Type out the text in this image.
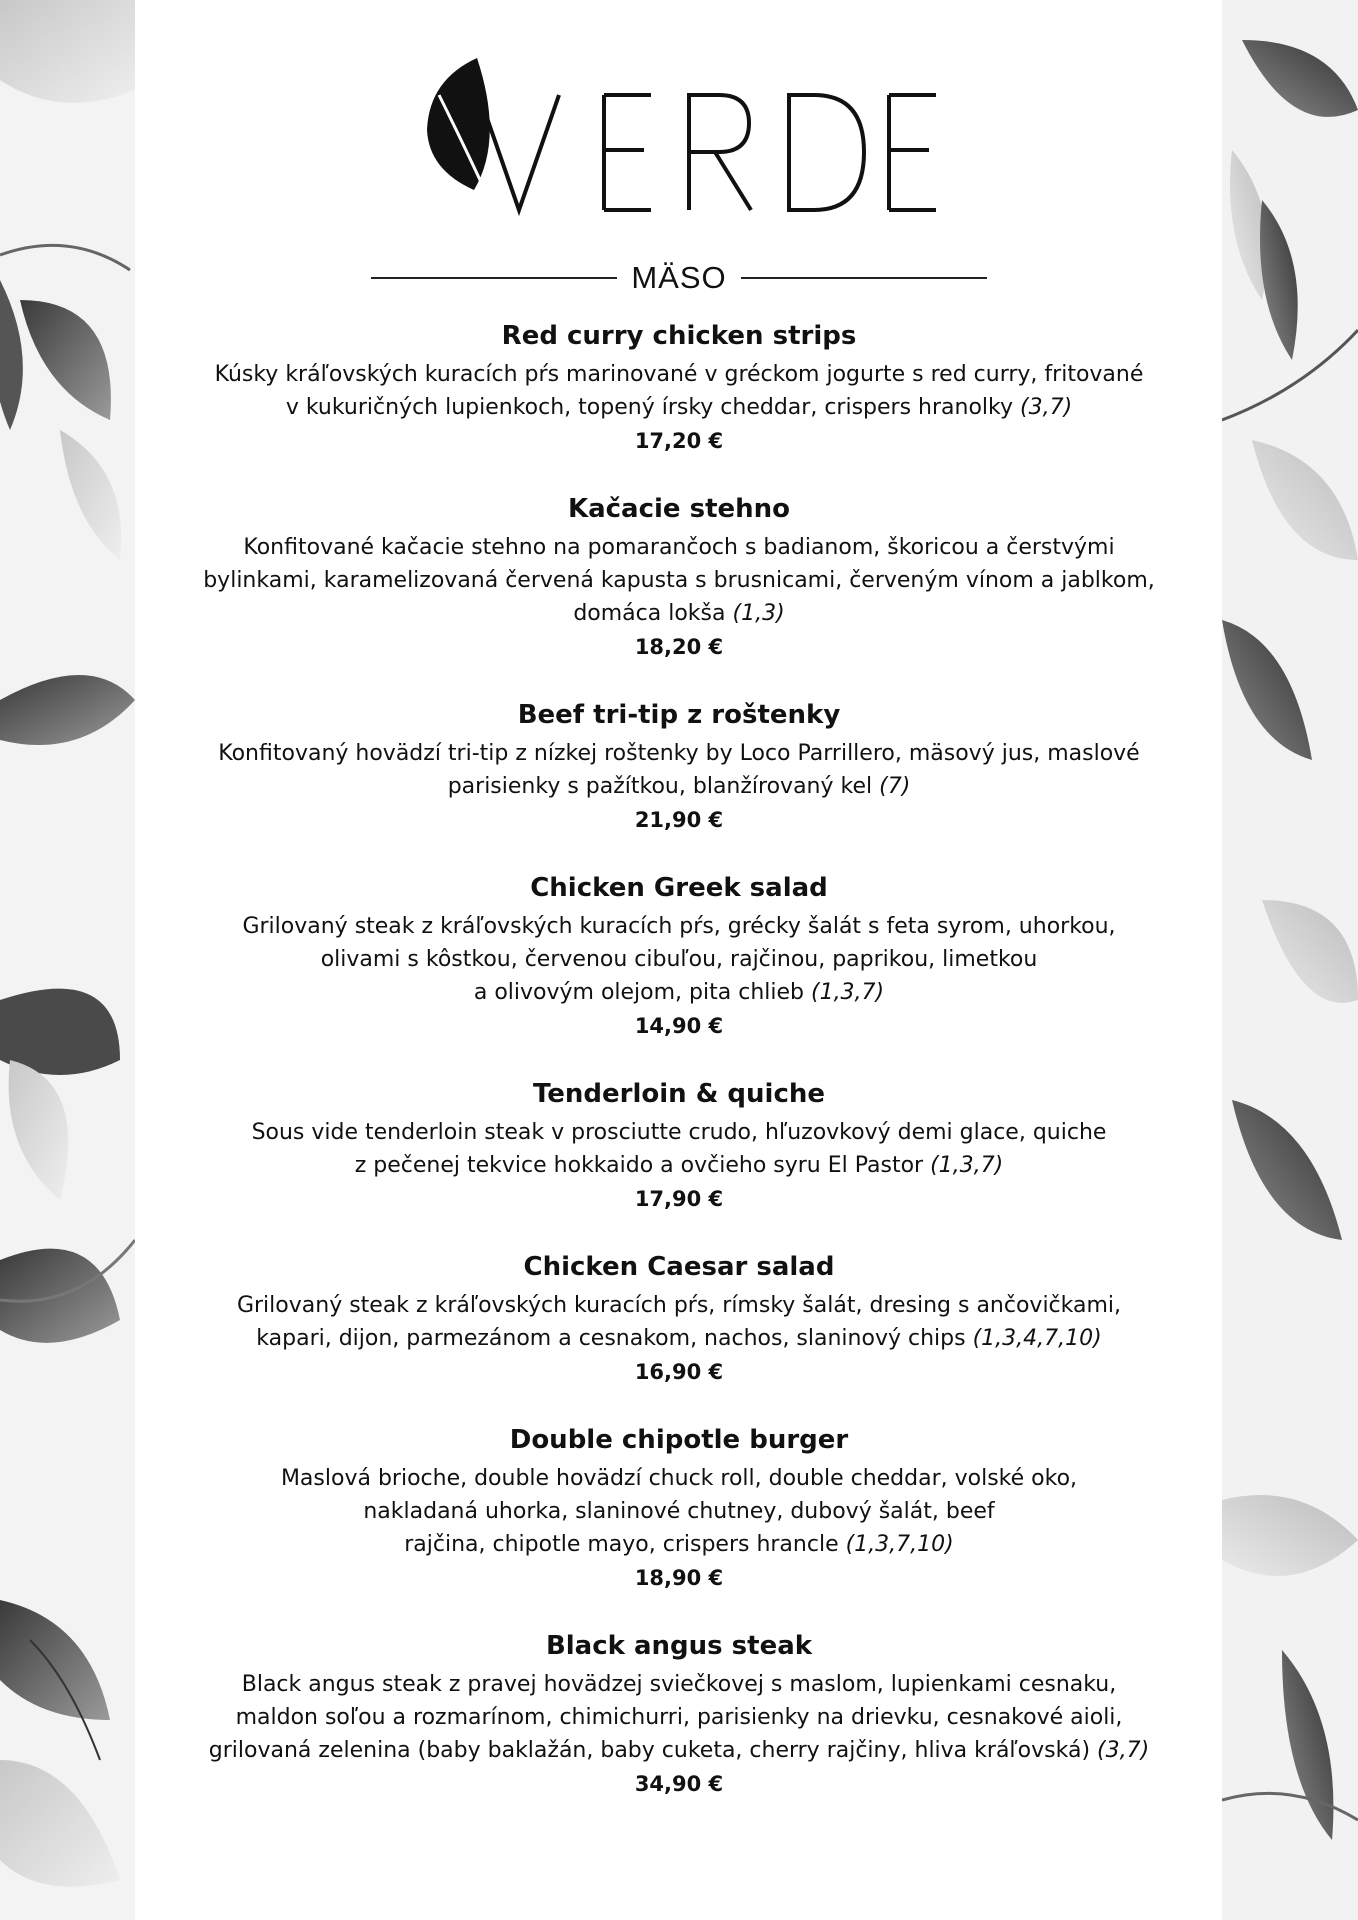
MÄSO
Red curry chicken strips
Kúsky kráľovských kuracích pŕs marinované v gréckom jogurte s red curry, fritované
v kukuričných lupienkoch, topený írsky cheddar, crispers hranolky (3,7)
17,20 €
Kačacie stehno
Konfitované kačacie stehno na pomarančoch s badianom, škoricou a čerstvými
bylinkami, karamelizovaná červená kapusta s brusnicami, červeným vínom a jablkom,
domáca lokša (1,3)
18,20 €
Beef tri-tip z roštenky
Konfitovaný hovädzí tri-tip z nízkej roštenky by Loco Parrillero, mäsový jus, maslové
parisienky s pažítkou, blanžírovaný kel (7)
21,90 €
Chicken Greek salad
Grilovaný steak z kráľovských kuracích pŕs, grécky šalát s feta syrom, uhorkou,
olivami s kôstkou, červenou cibuľou, rajčinou, paprikou, limetkou
a olivovým olejom, pita chlieb (1,3,7)
14,90 €
Tenderloin & quiche
Sous vide tenderloin steak v prosciutte crudo, hľuzovkový demi glace, quiche
z pečenej tekvice hokkaido a ovčieho syru El Pastor (1,3,7)
17,90 €
Chicken Caesar salad
Grilovaný steak z kráľovských kuracích pŕs, rímsky šalát, dresing s ančovičkami,
kapari, dijon, parmezánom a cesnakom, nachos, slaninový chips (1,3,4,7,10)
16,90 €
Double chipotle burger
Maslová brioche, double hovädzí chuck roll, double cheddar, volské oko,
nakladaná uhorka, slaninové chutney, dubový šalát, beef
rajčina, chipotle mayo, crispers hrancle (1,3,7,10)
18,90 €
Black angus steak
Black angus steak z pravej hovädzej sviečkovej s maslom, lupienkami cesnaku,
maldon soľou a rozmarínom, chimichurri, parisienky na drievku, cesnakové aioli,
grilovaná zelenina (baby baklažán, baby cuketa, cherry rajčiny, hliva kráľovská) (3,7)
34,90 €
